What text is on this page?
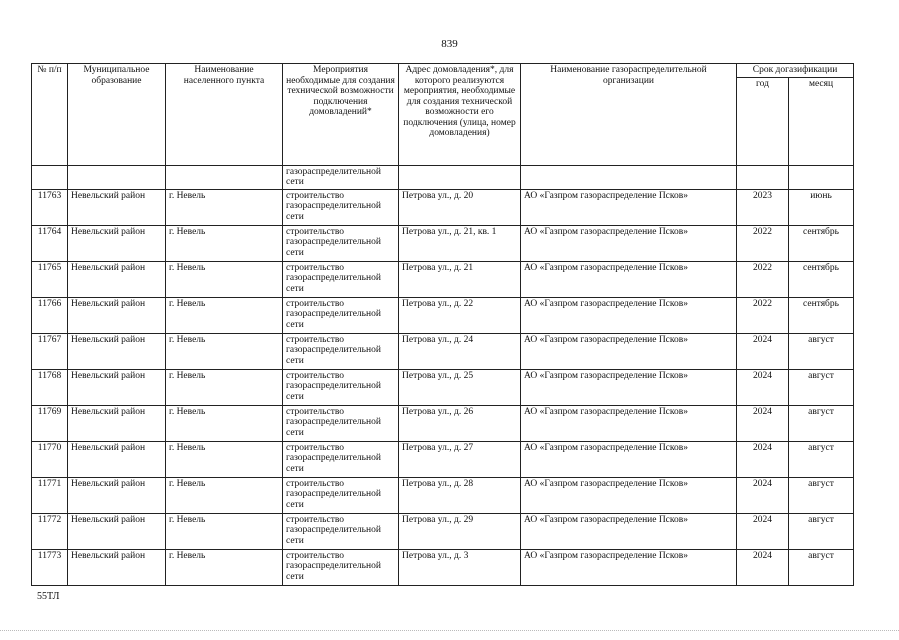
839
№ п/п	Муниципальное образование	Наименование населенного пункта	Мероприятия необходимые для создания технической возможности подключения домовладений*	Адрес домовладения*, для которого реализуются мероприятия, необходимые для создания технической возможности его подключения (улица, номер домовладения)	Наименование газораспределительной организации	Срок догазификации	
						год	месяц
			газораспределительной сети				
11763	Невельский район	г. Невель	строительство газораспределительной сети	Петрова ул., д. 20	АО «Газпром газораспределение Псков»	2023	июнь
11764	Невельский район	г. Невель	строительство газораспределительной сети	Петрова ул., д. 21, кв. 1	АО «Газпром газораспределение Псков»	2022	сентябрь
11765	Невельский район	г. Невель	строительство газораспределительной сети	Петрова ул., д. 21	АО «Газпром газораспределение Псков»	2022	сентябрь
11766	Невельский район	г. Невель	строительство газораспределительной сети	Петрова ул., д. 22	АО «Газпром газораспределение Псков»	2022	сентябрь
11767	Невельский район	г. Невель	строительство газораспределительной сети	Петрова ул., д. 24	АО «Газпром газораспределение Псков»	2024	август
11768	Невельский район	г. Невель	строительство газораспределительной сети	Петрова ул., д. 25	АО «Газпром газораспределение Псков»	2024	август
11769	Невельский район	г. Невель	строительство газораспределительной сети	Петрова ул., д. 26	АО «Газпром газораспределение Псков»	2024	август
11770	Невельский район	г. Невель	строительство газораспределительной сети	Петрова ул., д. 27	АО «Газпром газораспределение Псков»	2024	август
11771	Невельский район	г. Невель	строительство газораспределительной сети	Петрова ул., д. 28	АО «Газпром газораспределение Псков»	2024	август
11772	Невельский район	г. Невель	строительство газораспределительной сети	Петрова ул., д. 29	АО «Газпром газораспределение Псков»	2024	август
11773	Невельский район	г. Невель	строительство газораспределительной сети	Петрова ул., д. 3	АО «Газпром газораспределение Псков»	2024	август
55ТЛ
